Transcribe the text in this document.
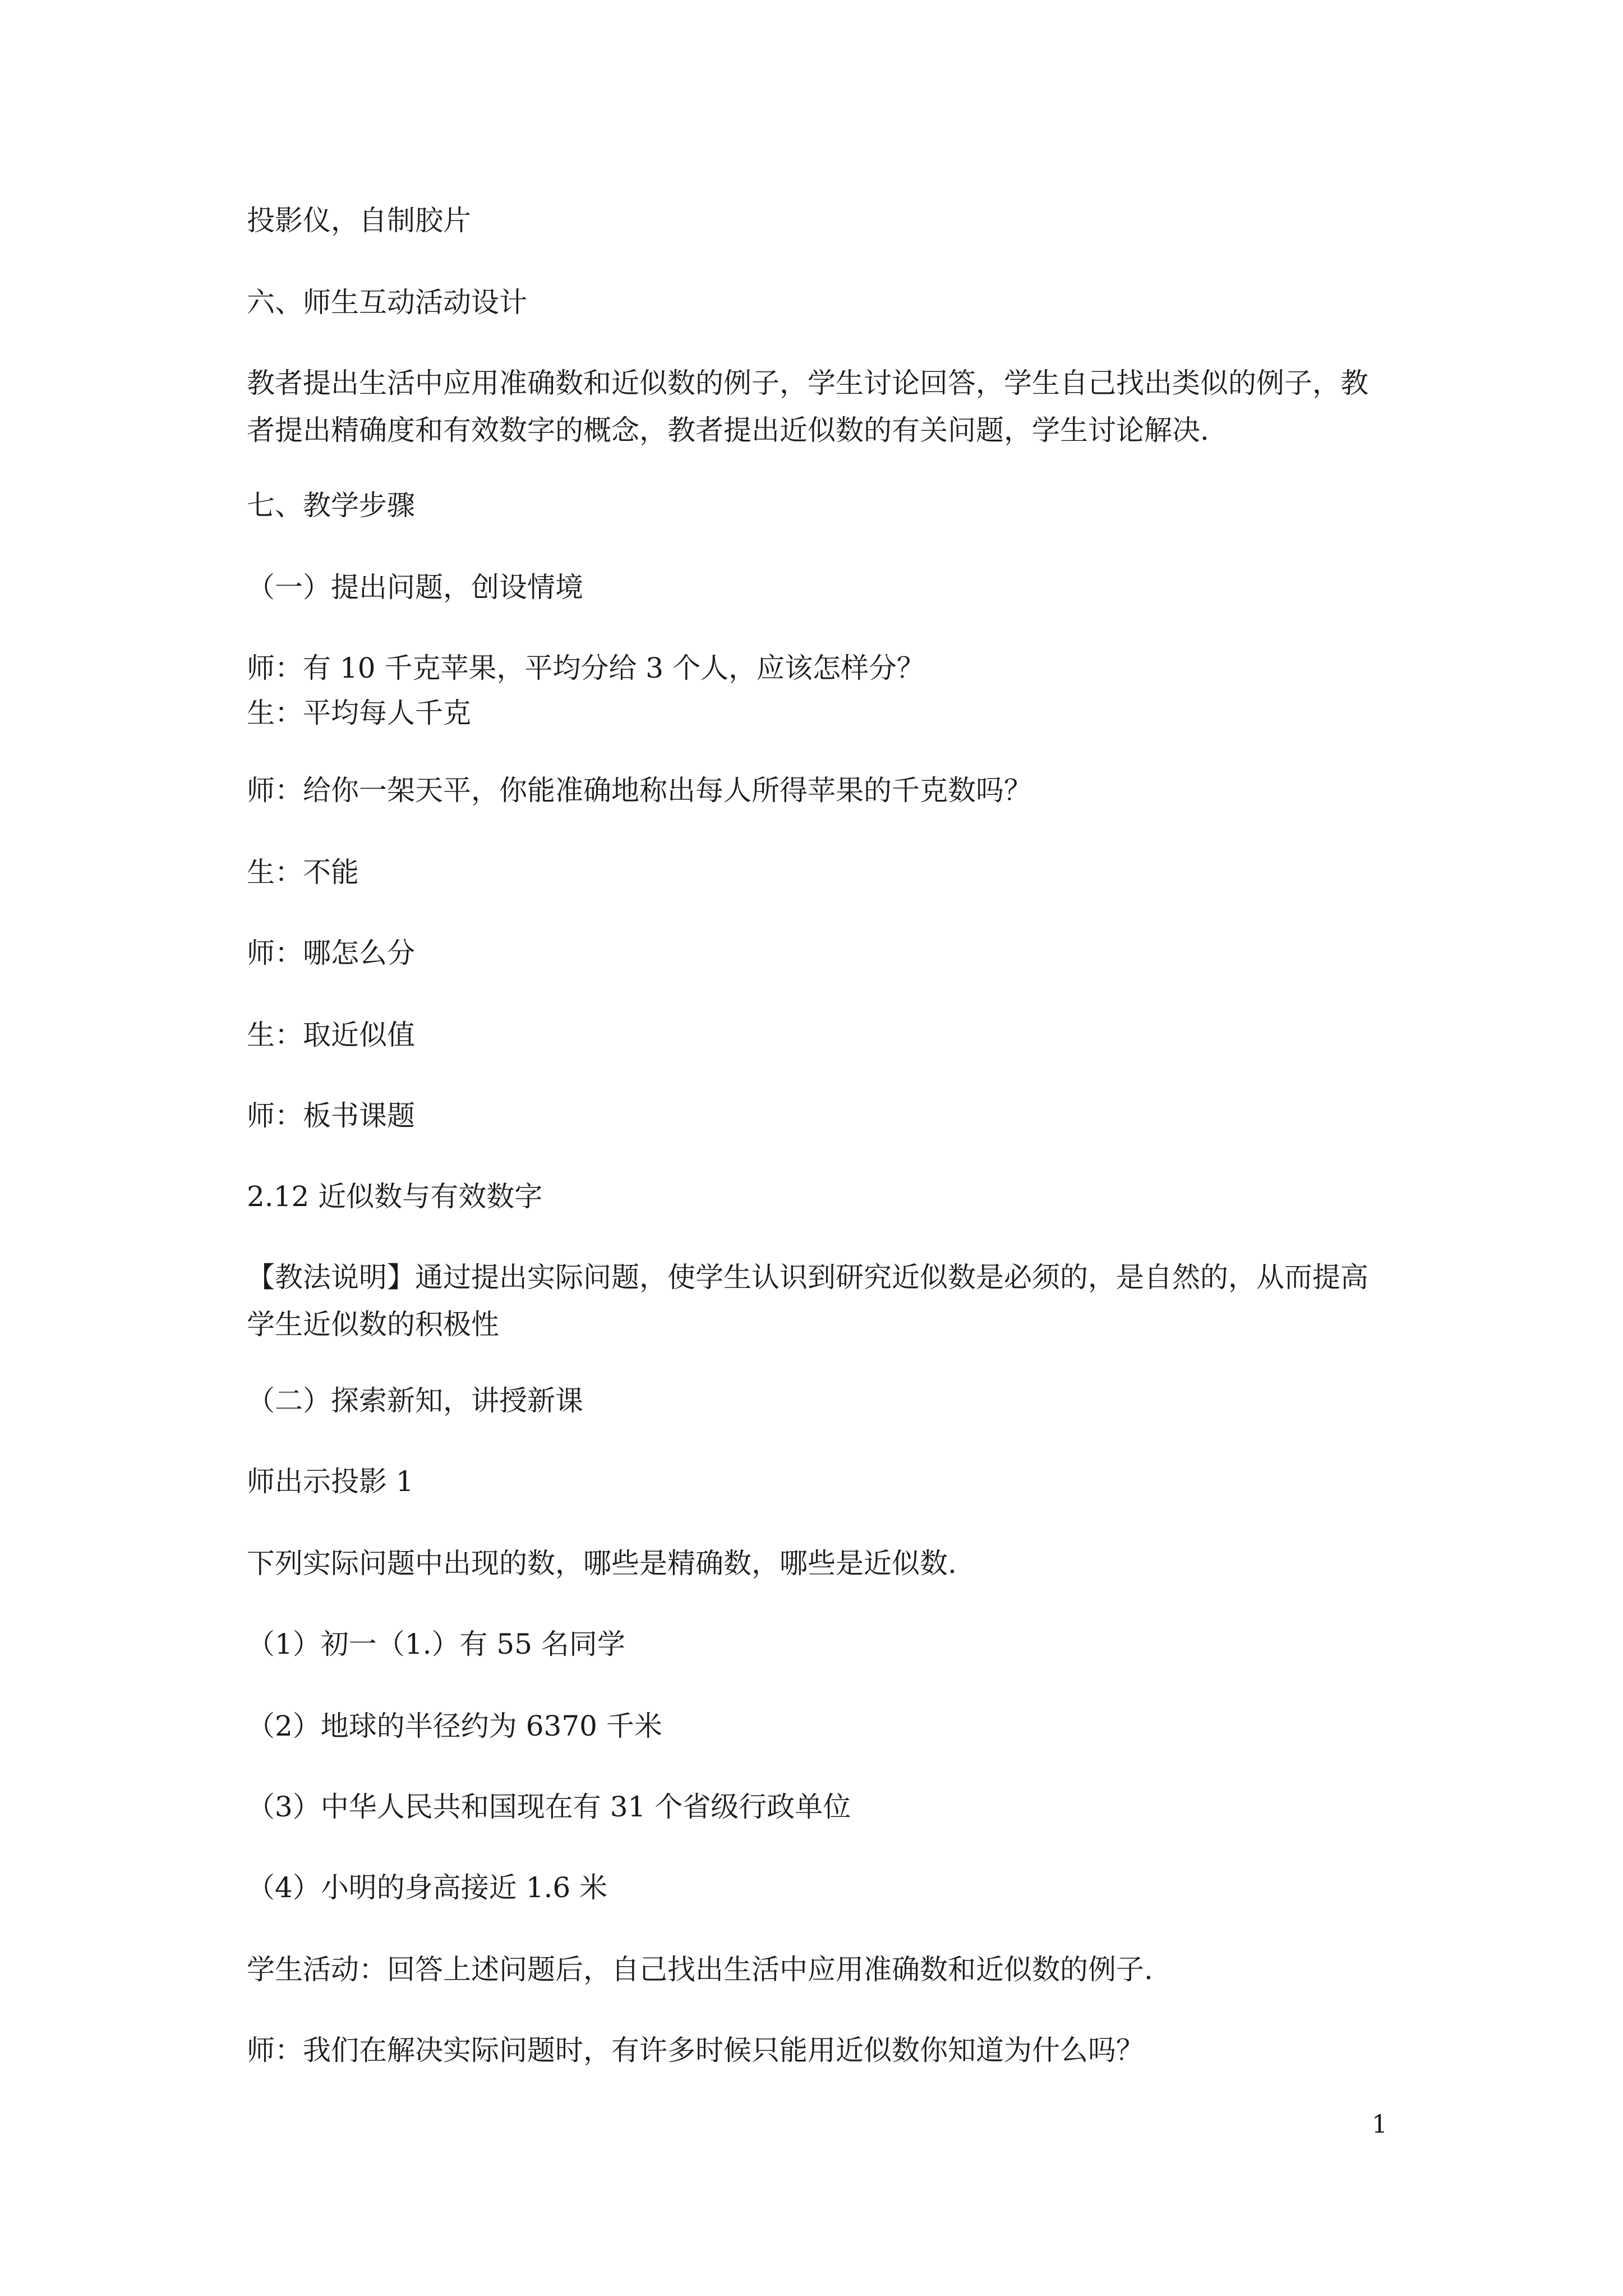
投影仪，自制胶片

六、师生互动活动设计

教者提出生活中应用准确数和近似数的例子，学生讨论回答，学生自己找出类似的例子，教

者提出精确度和有效数字的概念，教者提出近似数的有关问题，学生讨论解决.

七、教学步骤

（一）提出问题，创设情境

师：有 10 千克苹果，平均分给 3 个人，应该怎样分？

生：平均每人千克

师：给你一架天平，你能准确地称出每人所得苹果的千克数吗？

生：不能

师：哪怎么分

生：取近似值

师：板书课题

2.12 近似数与有效数字

【教法说明】通过提出实际问题，使学生认识到研究近似数是必须的，是自然的，从而提高

学生近似数的积极性

（二）探索新知，讲授新课

师出示投影 1

下列实际问题中出现的数，哪些是精确数，哪些是近似数.

（1）初一（1.）有 55 名同学

（2）地球的半径约为 6370 千米

（3）中华人民共和国现在有 31 个省级行政单位

（4）小明的身高接近 1.6 米

学生活动：回答上述问题后，自己找出生活中应用准确数和近似数的例子.

师：我们在解决实际问题时，有许多时候只能用近似数你知道为什么吗？

1
